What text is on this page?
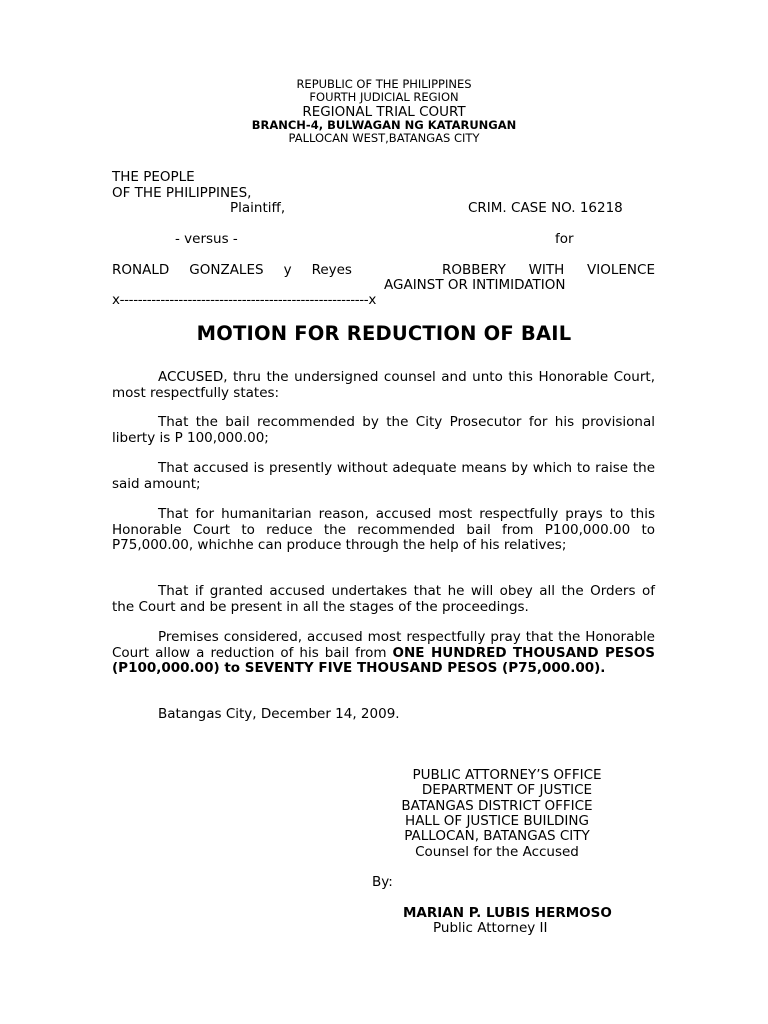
REPUBLIC OF THE PHILIPPINES
FOURTH JUDICIAL REGION
REGIONAL TRIAL COURT
BRANCH-4, BULWAGAN NG KATARUNGAN
PALLOCAN WEST,BATANGAS CITY
THE PEOPLE
OF THE PHILIPPINES,
Plaintiff,	CRIM. CASE NO. 16218
- versus -	for
RONALD GONZALES y Reyes	ROBBERY WITH VIOLENCE
AGAINST OR INTIMIDATION
x-------------------------------------------------------x
MOTION FOR REDUCTION OF BAIL

ACCUSED, thru the undersigned counsel and unto this Honorable Court, most respectfully states:

That the bail recommended by the City Prosecutor for his provisional liberty is P 100,000.00;

That accused is presently without adequate means by which to raise the said amount;

That for humanitarian reason, accused most respectfully prays to this Honorable Court to reduce the recommended bail from P100,000.00 to P75,000.00, whichhe can produce through the help of his relatives;

That if granted accused undertakes that he will obey all the Orders of the Court and be present in all the stages of the proceedings.

Premises considered, accused most respectfully pray that the Honorable Court allow a reduction of his bail from ONE HUNDRED THOUSAND PESOS (P100,000.00) to SEVENTY FIVE THOUSAND PESOS (P75,000.00).

Batangas City, December 14, 2009.

PUBLIC ATTORNEY’S OFFICE
DEPARTMENT OF JUSTICE
BATANGAS DISTRICT OFFICE
HALL OF JUSTICE BUILDING
PALLOCAN, BATANGAS CITY
Counsel for the Accused
By:
MARIAN P. LUBIS HERMOSO
Public Attorney II
